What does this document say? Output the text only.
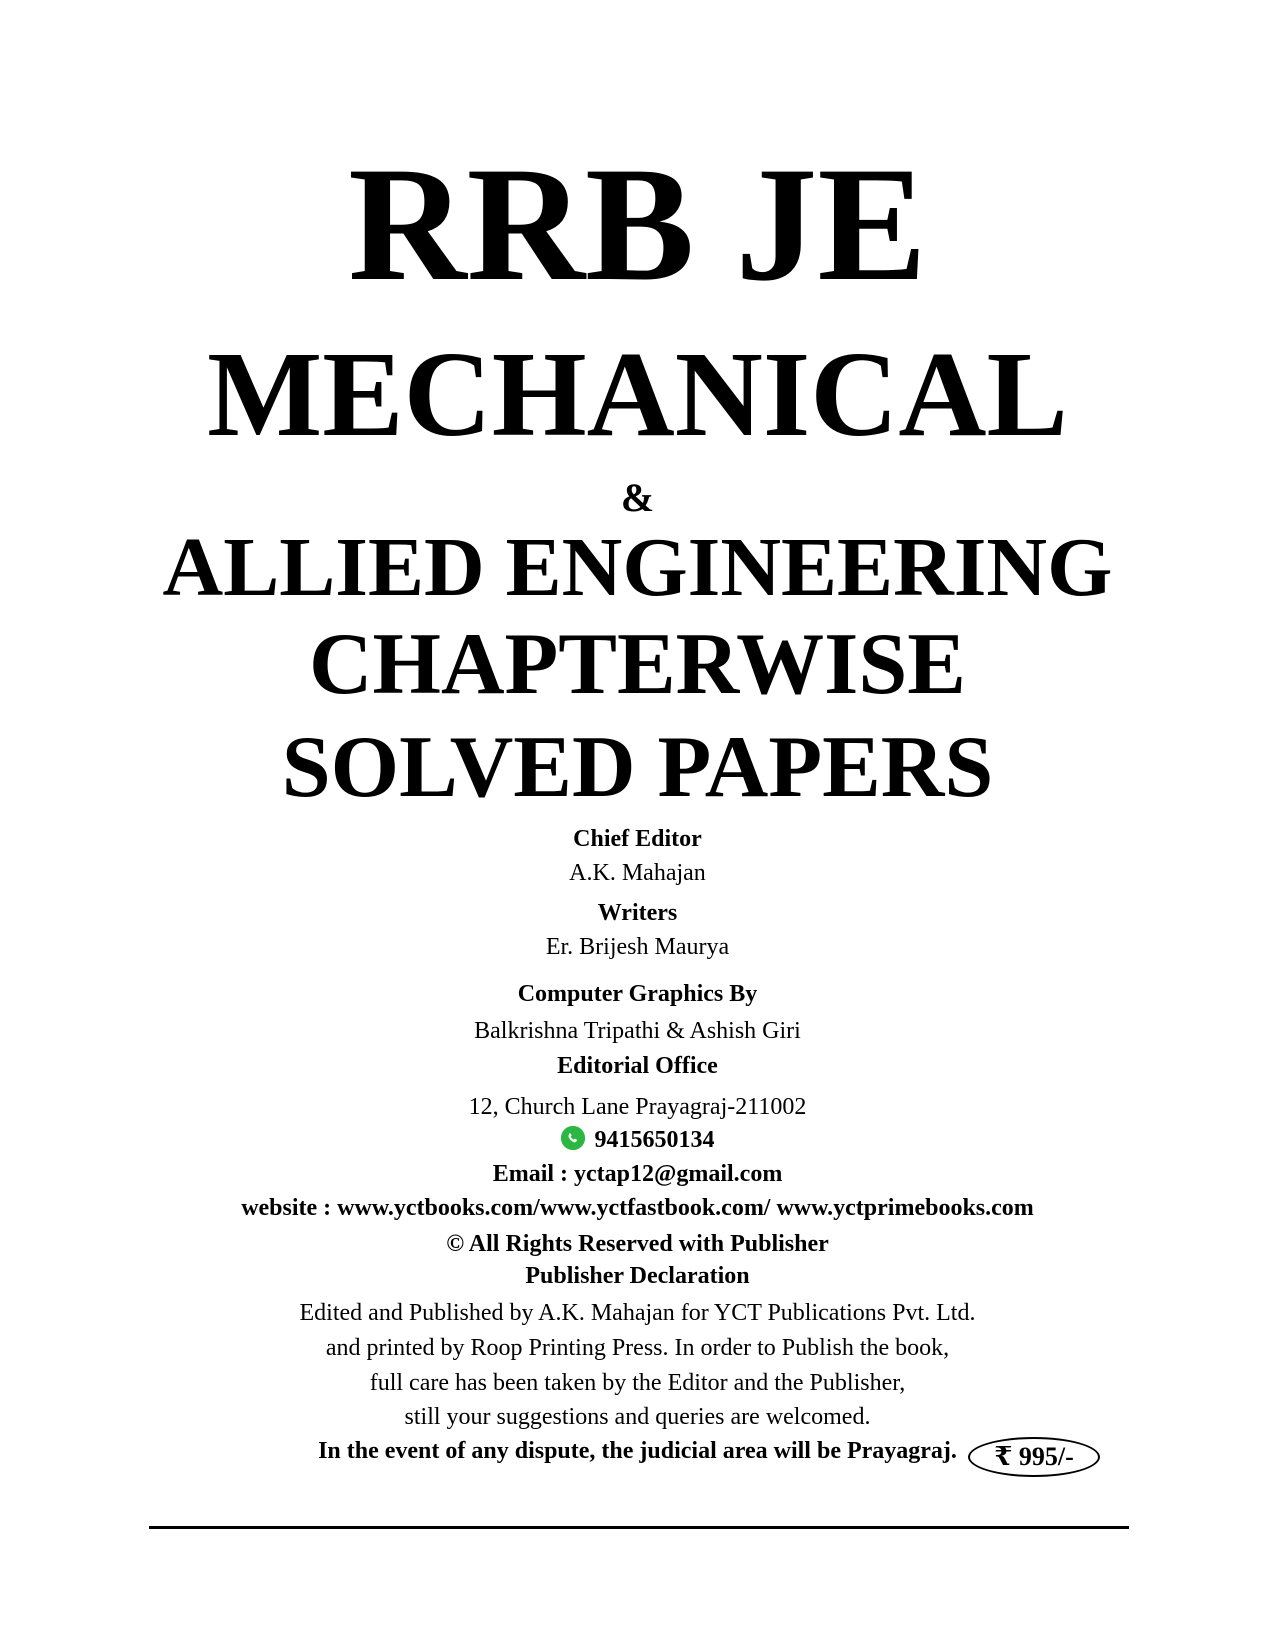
RRB JE
MECHANICAL
&
ALLIED ENGINEERING
CHAPTERWISE
SOLVED PAPERS
Chief Editor
A.K. Mahajan
Writers
Er. Brijesh Maurya
Computer Graphics By
Balkrishna Tripathi & Ashish Giri
Editorial Office
12, Church Lane Prayagraj-211002
9415650134
Email : yctap12@gmail.com
website : www.yctbooks.com/www.yctfastbook.com/ www.yctprimebooks.com
© All Rights Reserved with Publisher
Publisher Declaration
Edited and Published by A.K. Mahajan for YCT Publications Pvt. Ltd.
and printed by Roop Printing Press. In order to Publish the book,
full care has been taken by the Editor and the Publisher,
still your suggestions and queries are welcomed.
In the event of any dispute, the judicial area will be Prayagraj.	₹ 995/-
